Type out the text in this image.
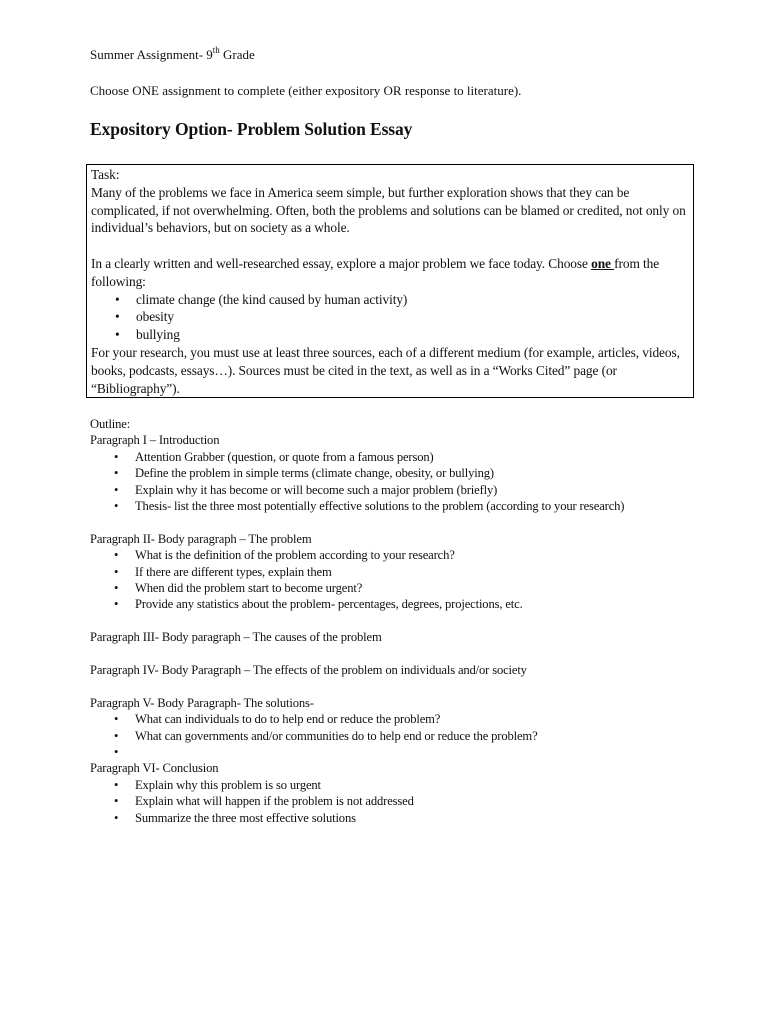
Summer Assignment- 9th Grade
Choose ONE assignment to complete (either expository OR response to literature).
Expository Option- Problem Solution Essay

Task:

Many of the problems we face in America seem simple, but further exploration shows that they can be complicated, if not overwhelming. Often, both the problems and solutions can be blamed or credited, not only on individual’s behaviors, but on society as a whole.

In a clearly written and well-researched essay, explore a major problem we face today. Choose one from the following:

• climate change (the kind caused by human activity)
• obesity
• bullying

For your research, you must use at least three sources, each of a different medium (for example, articles, videos, books, podcasts, essays…). Sources must be cited in the text, as well as in a “Works Cited” page (or “Bibliography”).

Outline:

Paragraph I – Introduction

• Attention Grabber (question, or quote from a famous person)
• Define the problem in simple terms (climate change, obesity, or bullying)
• Explain why it has become or will become such a major problem (briefly)
• Thesis- list the three most potentially effective solutions to the problem (according to your research)

Paragraph II- Body paragraph – The problem

• What is the definition of the problem according to your research?
• If there are different types, explain them
• When did the problem start to become urgent?
• Provide any statistics about the problem- percentages, degrees, projections, etc.

Paragraph III- Body paragraph – The causes of the problem

Paragraph IV- Body Paragraph – The effects of the problem on individuals and/or society

Paragraph V- Body Paragraph- The solutions-

• What can individuals to do to help end or reduce the problem?
• What can governments and/or communities do to help end or reduce the problem?
•

Paragraph VI- Conclusion

• Explain why this problem is so urgent
• Explain what will happen if the problem is not addressed
• Summarize the three most effective solutions
